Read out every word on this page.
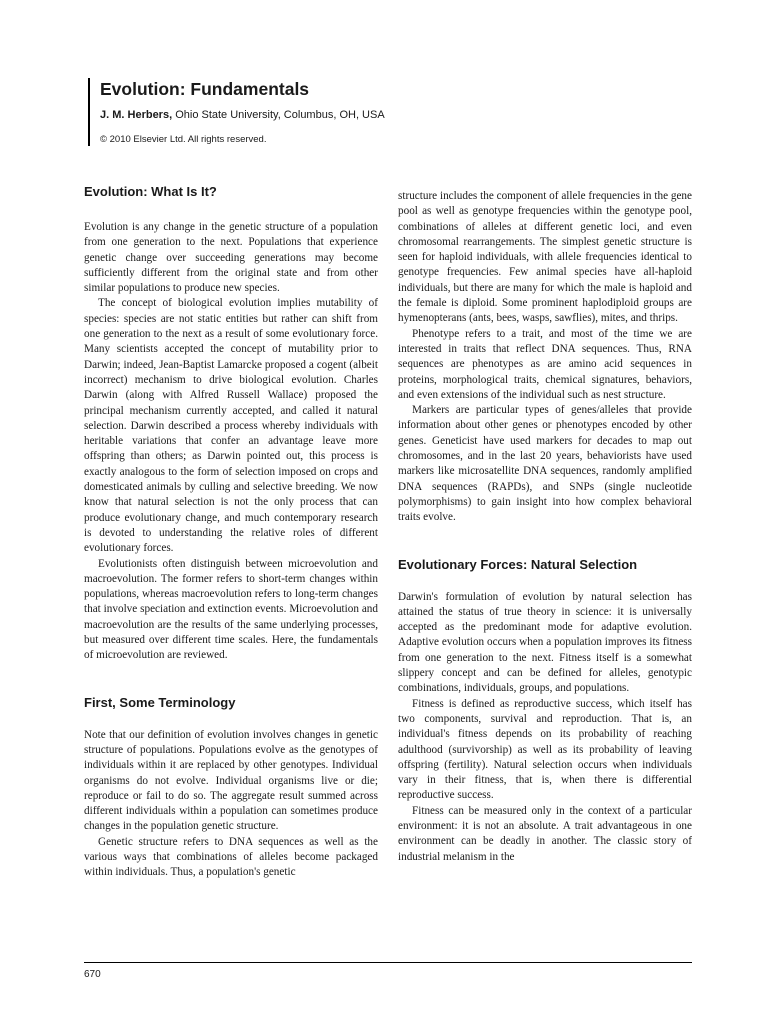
Evolution: Fundamentals

J. M. Herbers, Ohio State University, Columbus, OH, USA

© 2010 Elsevier Ltd. All rights reserved.

Evolution: What Is It?

Evolution is any change in the genetic structure of a population from one generation to the next. Populations that experience genetic change over succeeding generations may become sufficiently different from the original state and from other similar populations to produce new species.

The concept of biological evolution implies mutability of species: species are not static entities but rather can shift from one generation to the next as a result of some evolutionary force. Many scientists accepted the concept of mutability prior to Darwin; indeed, Jean-Baptist Lamarcke proposed a cogent (albeit incorrect) mechanism to drive biological evolution. Charles Darwin (along with Alfred Russell Wallace) proposed the principal mechanism currently accepted, and called it natural selection. Darwin described a process whereby individuals with heritable variations that confer an advantage leave more offspring than others; as Darwin pointed out, this process is exactly analogous to the form of selection imposed on crops and domesticated animals by culling and selective breeding. We now know that natural selection is not the only process that can produce evolutionary change, and much contemporary research is devoted to understanding the relative roles of different evolutionary forces.

Evolutionists often distinguish between microevolution and macroevolution. The former refers to short-term changes within populations, whereas macroevolution refers to long-term changes that involve speciation and extinction events. Microevolution and macroevolution are the results of the same underlying processes, but measured over different time scales. Here, the fundamentals of microevolution are reviewed.

First, Some Terminology

Note that our definition of evolution involves changes in genetic structure of populations. Populations evolve as the genotypes of individuals within it are replaced by other genotypes. Individual organisms do not evolve. Individual organisms live or die; reproduce or fail to do so. The aggregate result summed across different individuals within a population can sometimes produce changes in the population genetic structure.

Genetic structure refers to DNA sequences as well as the various ways that combinations of alleles become packaged within individuals. Thus, a population's genetic

structure includes the component of allele frequencies in the gene pool as well as genotype frequencies within the genotype pool, combinations of alleles at different genetic loci, and even chromosomal rearrangements. The simplest genetic structure is seen for haploid individuals, with allele frequencies identical to genotype frequencies. Few animal species have all-haploid individuals, but there are many for which the male is haploid and the female is diploid. Some prominent haplodiploid groups are hymenopterans (ants, bees, wasps, sawflies), mites, and thrips.

Phenotype refers to a trait, and most of the time we are interested in traits that reflect DNA sequences. Thus, RNA sequences are phenotypes as are amino acid sequences in proteins, morphological traits, chemical signatures, behaviors, and even extensions of the individual such as nest structure.

Markers are particular types of genes/alleles that provide information about other genes or phenotypes encoded by other genes. Geneticist have used markers for decades to map out chromosomes, and in the last 20 years, behaviorists have used markers like microsatellite DNA sequences, randomly amplified DNA sequences (RAPDs), and SNPs (single nucleotide polymorphisms) to gain insight into how complex behavioral traits evolve.

Evolutionary Forces: Natural Selection

Darwin's formulation of evolution by natural selection has attained the status of true theory in science: it is universally accepted as the predominant mode for adaptive evolution. Adaptive evolution occurs when a population improves its fitness from one generation to the next. Fitness itself is a somewhat slippery concept and can be defined for alleles, genotypic combinations, individuals, groups, and populations.

Fitness is defined as reproductive success, which itself has two components, survival and reproduction. That is, an individual's fitness depends on its probability of reaching adulthood (survivorship) as well as its probability of leaving offspring (fertility). Natural selection occurs when individuals vary in their fitness, that is, when there is differential reproductive success.

Fitness can be measured only in the context of a particular environment: it is not an absolute. A trait advantageous in one environment can be deadly in another. The classic story of industrial melanism in the

670
